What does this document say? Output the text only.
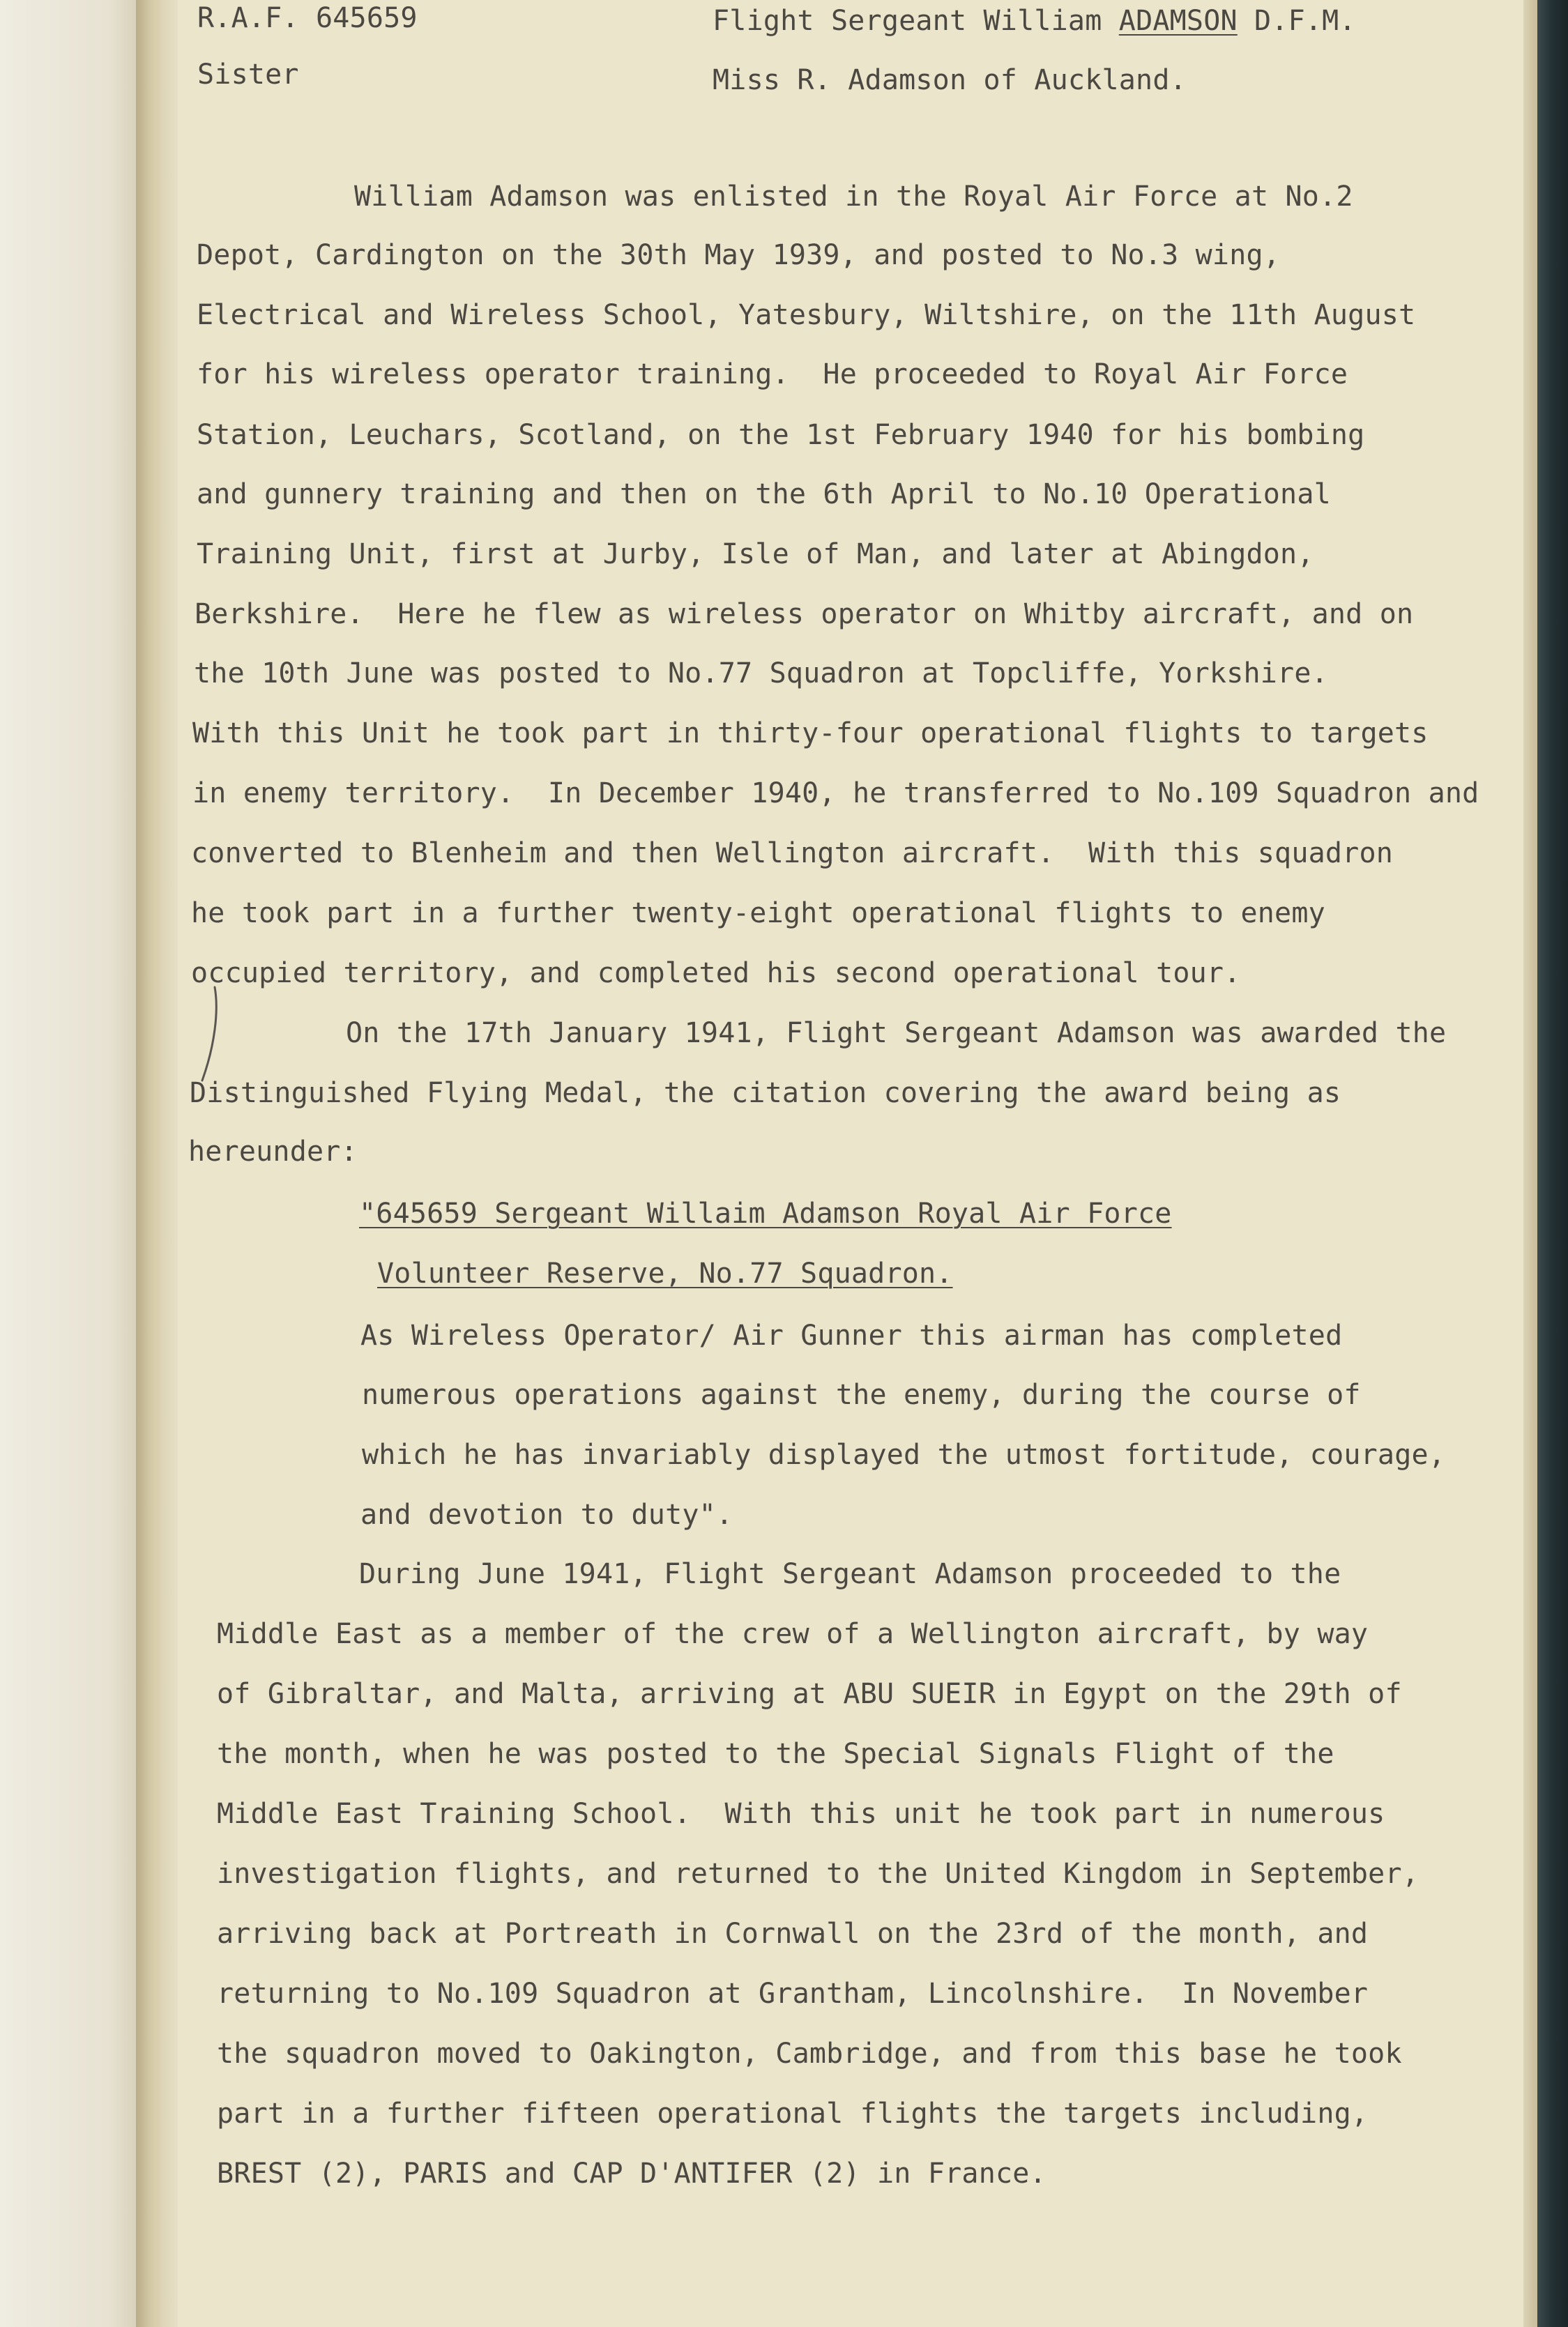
R.A.F. 645659	Flight Sergeant William ADAMSON D.F.M.
Sister	Miss R. Adamson of Auckland.
William Adamson was enlisted in the Royal Air Force at No.2
Depot, Cardington on the 30th May 1939, and posted to No.3 wing,
Electrical and Wireless School, Yatesbury, Wiltshire, on the 11th August
for his wireless operator training.  He proceeded to Royal Air Force
Station, Leuchars, Scotland, on the 1st February 1940 for his bombing
and gunnery training and then on the 6th April to No.10 Operational
Training Unit, first at Jurby, Isle of Man, and later at Abingdon,
Berkshire.  Here he flew as wireless operator on Whitby aircraft, and on
the 10th June was posted to No.77 Squadron at Topcliffe, Yorkshire.
With this Unit he took part in thirty-four operational flights to targets
in enemy territory.  In December 1940, he transferred to No.109 Squadron and
converted to Blenheim and then Wellington aircraft.  With this squadron
he took part in a further twenty-eight operational flights to enemy
occupied territory, and completed his second operational tour.
On the 17th January 1941, Flight Sergeant Adamson was awarded the
Distinguished Flying Medal, the citation covering the award being as
hereunder:
"645659 Sergeant Willaim Adamson Royal Air Force
Volunteer Reserve, No.77 Squadron.
As Wireless Operator/ Air Gunner this airman has completed
numerous operations against the enemy, during the course of
which he has invariably displayed the utmost fortitude, courage,
and devotion to duty".
During June 1941, Flight Sergeant Adamson proceeded to the
Middle East as a member of the crew of a Wellington aircraft, by way
of Gibraltar, and Malta, arriving at ABU SUEIR in Egypt on the 29th of
the month, when he was posted to the Special Signals Flight of the
Middle East Training School.  With this unit he took part in numerous
investigation flights, and returned to the United Kingdom in September,
arriving back at Portreath in Cornwall on the 23rd of the month, and
returning to No.109 Squadron at Grantham, Lincolnshire.  In November
the squadron moved to Oakington, Cambridge, and from this base he took
part in a further fifteen operational flights the targets including,
BREST (2), PARIS and CAP D'ANTIFER (2) in France.
